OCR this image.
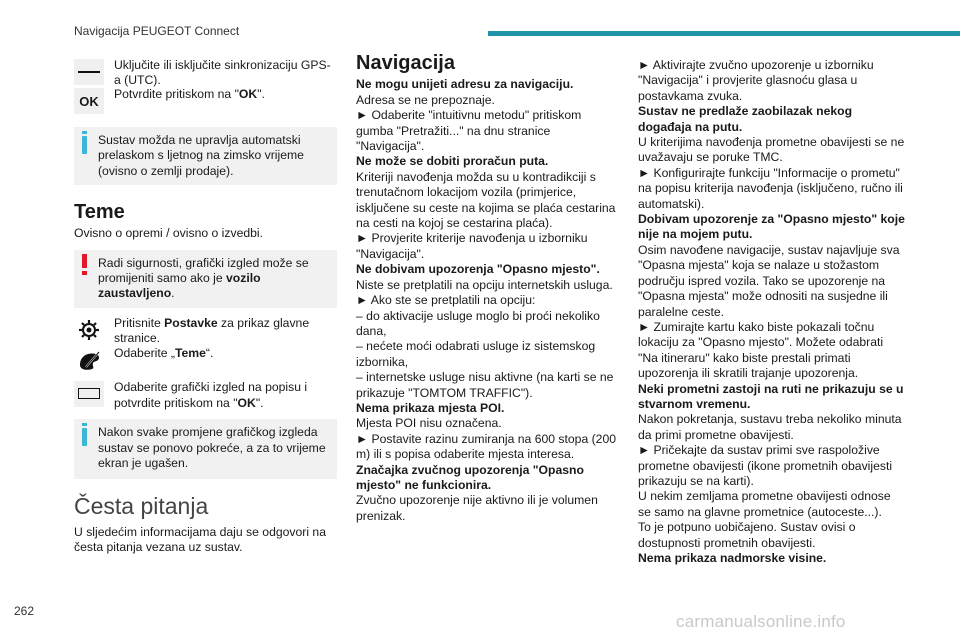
Navigacija PEUGEOT Connect

Uključite ili isključite sinkronizaciju GPS-a (UTC).

OK	Potvrdite pritiskom na "OK".

Sustav možda ne upravlja automatski prelaskom s ljetnog na zimsko vrijeme (ovisno o zemlji prodaje).

Teme

Ovisno o opremi / ovisno o izvedbi.

Radi sigurnosti, grafički izgled može se promijeniti samo ako je vozilo zaustavljeno.

Pritisnite Postavke za prikaz glavne stranice.

Odaberite „Teme“.

Odaberite grafički izgled na popisu i potvrdite pritiskom na "OK".

Nakon svake promjene grafičkog izgleda sustav se ponovo pokreće, a za to vrijeme ekran je ugašen.

Česta pitanja

U sljedećim informacijama daju se odgovori na česta pitanja vezana uz sustav.

Navigacija

Ne mogu unijeti adresu za navigaciju.

Adresa se ne prepoznaje.

► Odaberite "intuitivnu metodu" pritiskom gumba "Pretražiti..." na dnu stranice "Navigacija".

Ne može se dobiti proračun puta.

Kriteriji navođenja možda su u kontradikciji s trenutačnom lokacijom vozila (primjerice, isključene su ceste na kojima se plaća cestarina na cesti na kojoj se cestarina plaća).

► Provjerite kriterije navođenja u izborniku "Navigacija".

Ne dobivam upozorenja "Opasno mjesto".

Niste se pretplatili na opciju internetskih usluga.

► Ako ste se pretplatili na opciju:

– do aktivacije usluge moglo bi proći nekoliko dana,

– nećete moći odabrati usluge iz sistemskog izbornika,

– internetske usluge nisu aktivne (na karti se ne prikazuje "TOMTOM TRAFFIC").

Nema prikaza mjesta POI.

Mjesta POI nisu označena.

► Postavite razinu zumiranja na 600 stopa (200 m) ili s popisa odaberite mjesta interesa.

Značajka zvučnog upozorenja "Opasno mjesto" ne funkcionira.

Zvučno upozorenje nije aktivno ili je volumen prenizak.

► Aktivirajte zvučno upozorenje u izborniku "Navigacija" i provjerite glasnoću glasa u postavkama zvuka.

Sustav ne predlaže zaobilazak nekog događaja na putu.

U kriterijima navođenja prometne obavijesti se ne uvažavaju se poruke TMC.

► Konfigurirajte funkciju "Informacije o prometu" na popisu kriterija navođenja (isključeno, ručno ili automatski).

Dobivam upozorenje za "Opasno mjesto" koje nije na mojem putu.

Osim navođene navigacije, sustav najavljuje sva "Opasna mjesta" koja se nalaze u stožastom području ispred vozila. Tako se upozorenje na "Opasna mjesta" može odnositi na susjedne ili paralelne ceste.

► Zumirajte kartu kako biste pokazali točnu lokaciju za "Opasno mjesto". Možete odabrati "Na itineraru" kako biste prestali primati upozorenja ili skratili trajanje upozorenja.

Neki prometni zastoji na ruti ne prikazuju se u stvarnom vremenu.

Nakon pokretanja, sustavu treba nekoliko minuta da primi prometne obavijesti.

► Pričekajte da sustav primi sve raspoložive prometne obavijesti (ikone prometnih obavijesti prikazuju se na karti).

U nekim zemljama prometne obavijesti odnose se samo na glavne prometnice (autoceste...).

To je potpuno uobičajeno. Sustav ovisi o dostupnosti prometnih obavijesti.

Nema prikaza nadmorske visine.

262
carmanualsonline.info
